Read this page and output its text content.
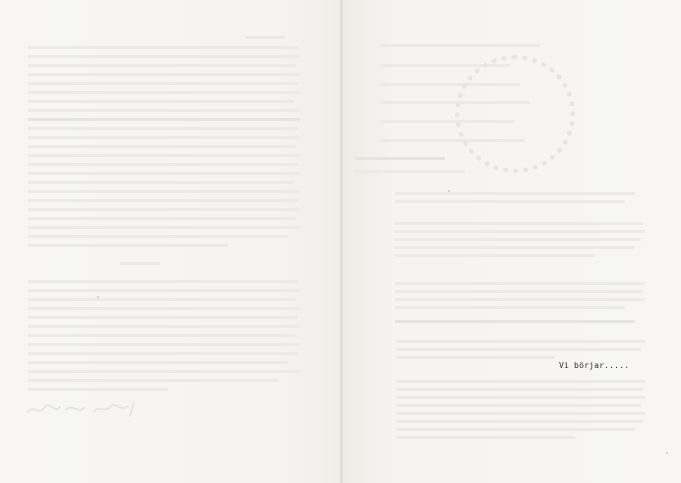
Vi börjar.....
